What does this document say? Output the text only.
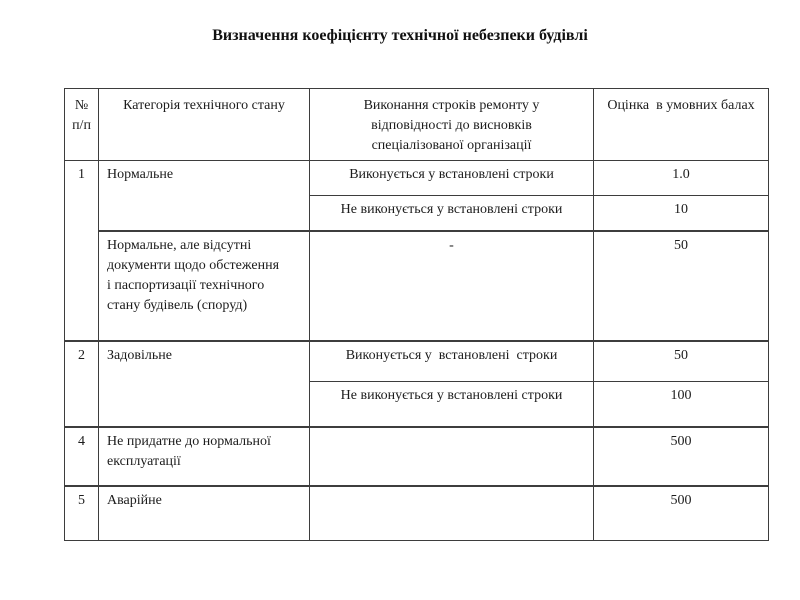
Визначення коефіцієнту технічної небезпеки будівлі
№ п/п	Категорія технічного стану	Виконання строків ремонту у відповідності до висновків спеціалізованої організації	Оцінка  в умовних балах

1	Нормальне	Виконується у встановлені строки	1.0
		Не виконується у встановлені строки	10
	Нормальне, але відсутні документи щодо обстеження і паспортизації технічного стану будівель (споруд)	-	50
2	Задовільне	Виконується у  встановлені  строки	50
		Не виконується у встановлені строки	100
4	Не придатне до нормальної експлуатації		500
5	Аварійне		500
